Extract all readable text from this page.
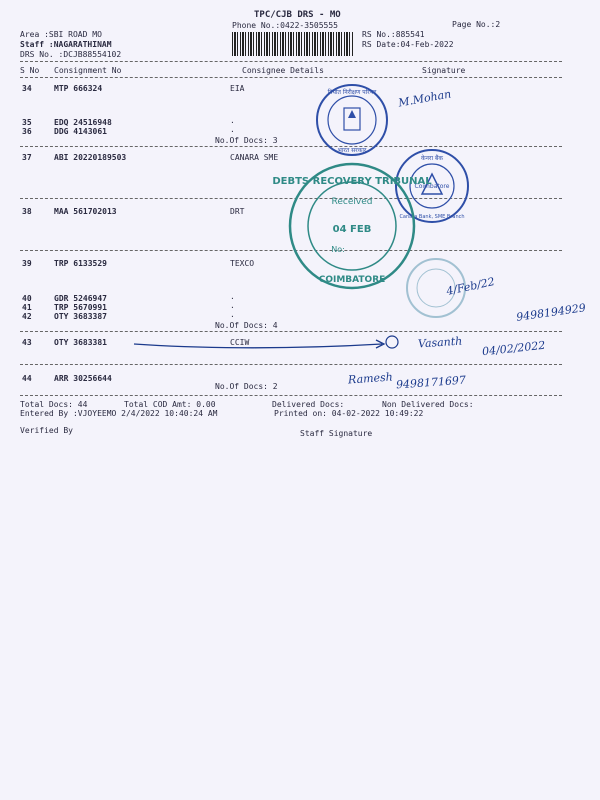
TPC/CJB DRS - MO
Phone No.:0422-3505555	Page No.:2
Area :SBI ROAD MO
Staff :NAGARATHINAM
DRS No. :DCJB88554102
RS No.:885541
RS Date:04-Feb-2022
S No Consignment No	Consignee Details	Signature
34	MTP 666324	EIA
35	EDQ 24516948	.
36	DDG 4143061	.
No.Of Docs: 3
37	ABI 20220189503	CANARA SME
38	MAA 561702013	DRT
39	TRP 6133529	TEXCO
40	GDR 5246947	.
41	TRP 5670991	.
42	OTY 3683387	.
No.Of Docs: 4
43	OTY 3683381	CCIW
44	ARR 30256644
No.Of Docs: 2
Total Docs: 44	Total COD Amt: 0.00	Delivered Docs:	Non Delivered Docs:
Entered By :VJOYEEMO 2/4/2022 10:40:24 AM	Printed on: 04-02-2022 10:49:22
Verified By	Staff Signature
निर्यात निरीक्षण परिषद
भारत सरकार
केनरा बैंक
Coimbatore
Canara Bank, SME Branch
DEBTS RECOVERY TRIBUNAL
Received
04 FEB
No:
COIMBATORE
M.Mohan
4/Feb/22
9498194929
Vasanth 04/02/2022
Ramesh 9498171697
